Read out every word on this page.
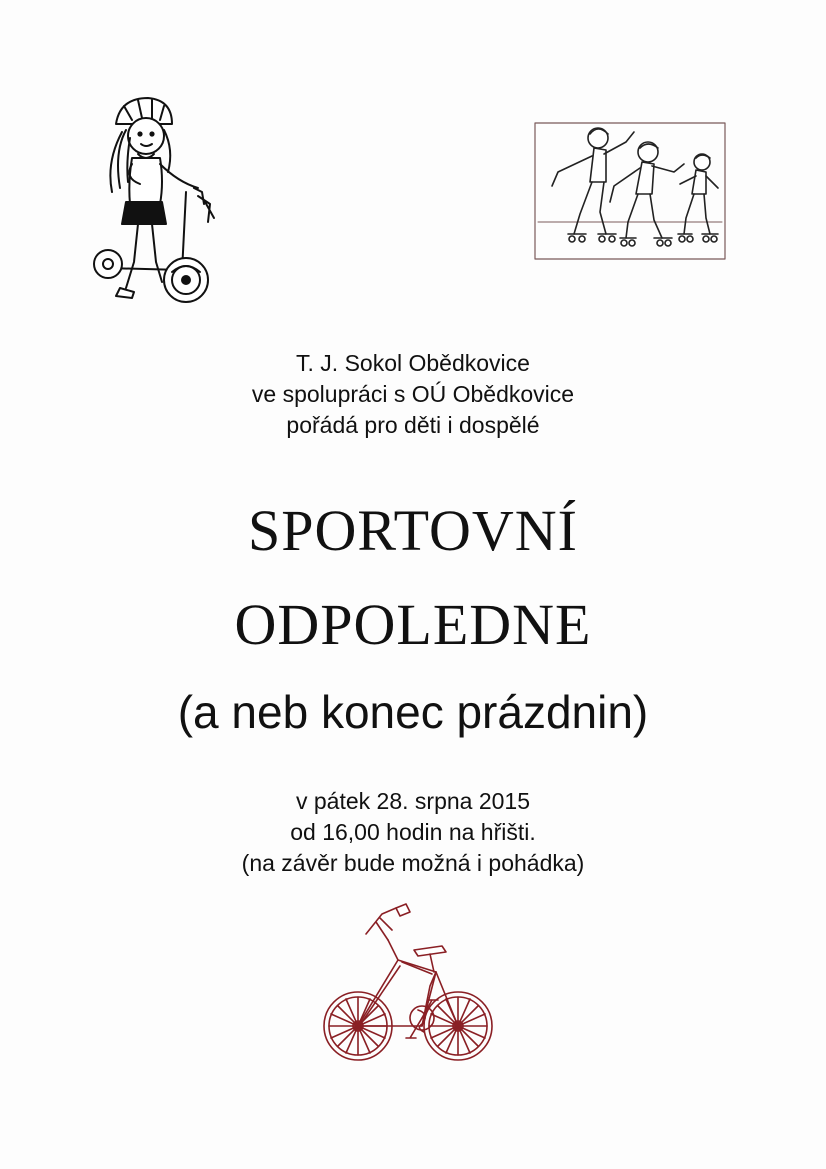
T. J. Sokol Obědkovice
ve spolupráci s OÚ Obědkovice
pořádá pro děti i dospělé
SPORTOVNÍ
ODPOLEDNE
(a neb konec prázdnin)
v pátek 28. srpna 2015
od 16,00 hodin na hřišti.
(na závěr bude možná i pohádka)
